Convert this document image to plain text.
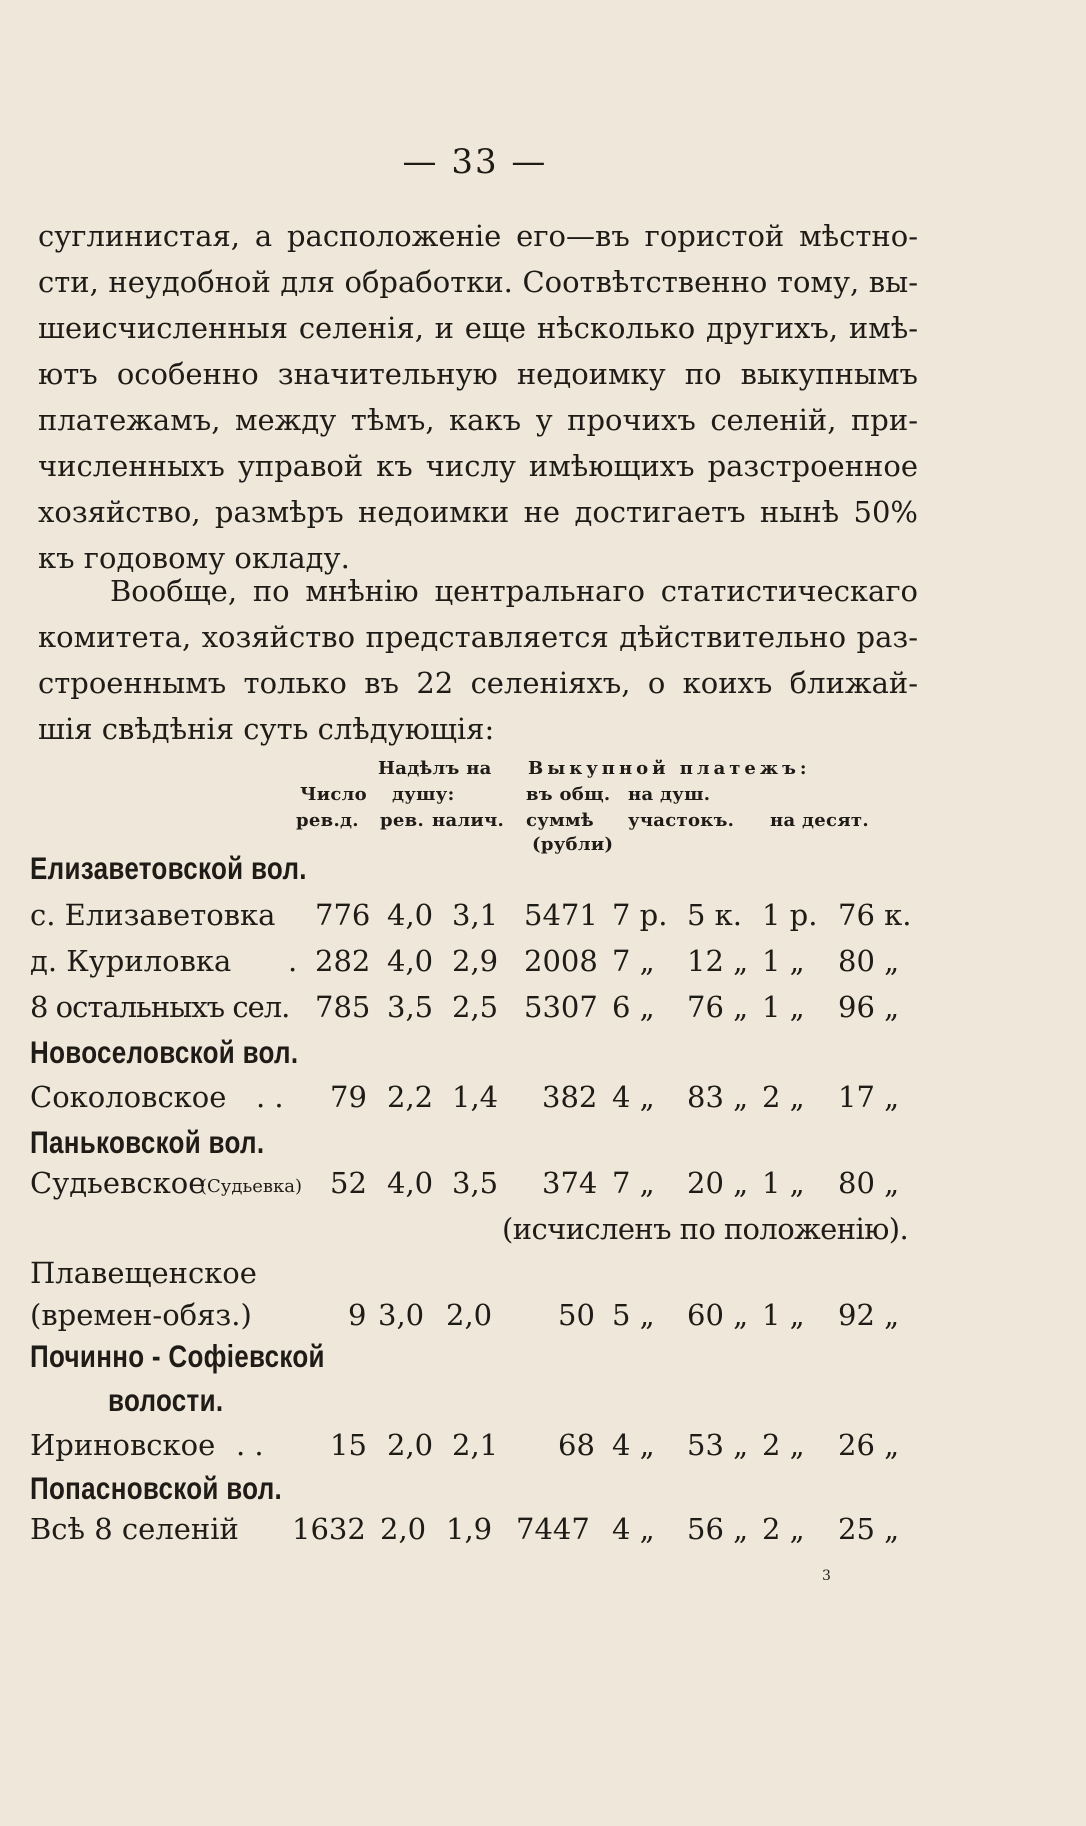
— 33 —
суглинистая, а расположеніе его—въ гористой мѣстно-
сти, неудобной для обработки. Соотвѣтственно тому, вы-
шеисчисленныя селенія, и еще нѣсколько другихъ, имѣ-
ютъ особенно значительную недоимку по выкупнымъ
платежамъ, между тѣмъ, какъ у прочихъ селеній, при-
численныхъ управой къ числу имѣющихъ разстроенное
хозяйство, размѣръ недоимки не достигаетъ нынѣ 50%
къ годовому окладу.
Вообще, по мнѣнію центральнаго статистическаго
комитета, хозяйство представляется дѣйствительно раз-
строеннымъ только въ 22 селеніяхъ, о коихъ ближай-
шія свѣдѣнія суть слѣдующія:
Надѣлъ на Выкупной платежъ:
Число душу:	въ общ. на душ.
рев.д. рев. налич. суммѣ участокъ. на десят.
(рубли)
Елизаветовской вол.
с. Елизаветовка 776 4,0 3,1 5471 7 р. 5 к. 1 р. 76 к.
д. Куриловка . 282 4,0 2,9 2008 7 „ 12 „ 1 „ 80 „
8 остальныхъ сел. 785 3,5 2,5 5307 6 „ 76 „ 1 „ 96 „
Новоселовской вол.
Соколовское . . 79 2,2 1,4 382 4 „ 83 „ 2 „ 17 „
Паньковской вол.
Судьевское
(Судьевка) 52 4,0 3,5 374 7 „ 20 „ 1 „ 80 „
(исчисленъ по положенію).
Плавещенское
(времен-обяз.)	9 3,0 2,0 50 5 „ 60 „ 1 „ 92 „
Починно - Софіевской
волости.
Ириновское . . 15 2,0 2,1 68 4 „ 53 „ 2 „ 26 „
Попасновской вол.
Всѣ 8 селеній 1632 2,0 1,9 7447 4 „ 56 „ 2 „ 25 „
3
